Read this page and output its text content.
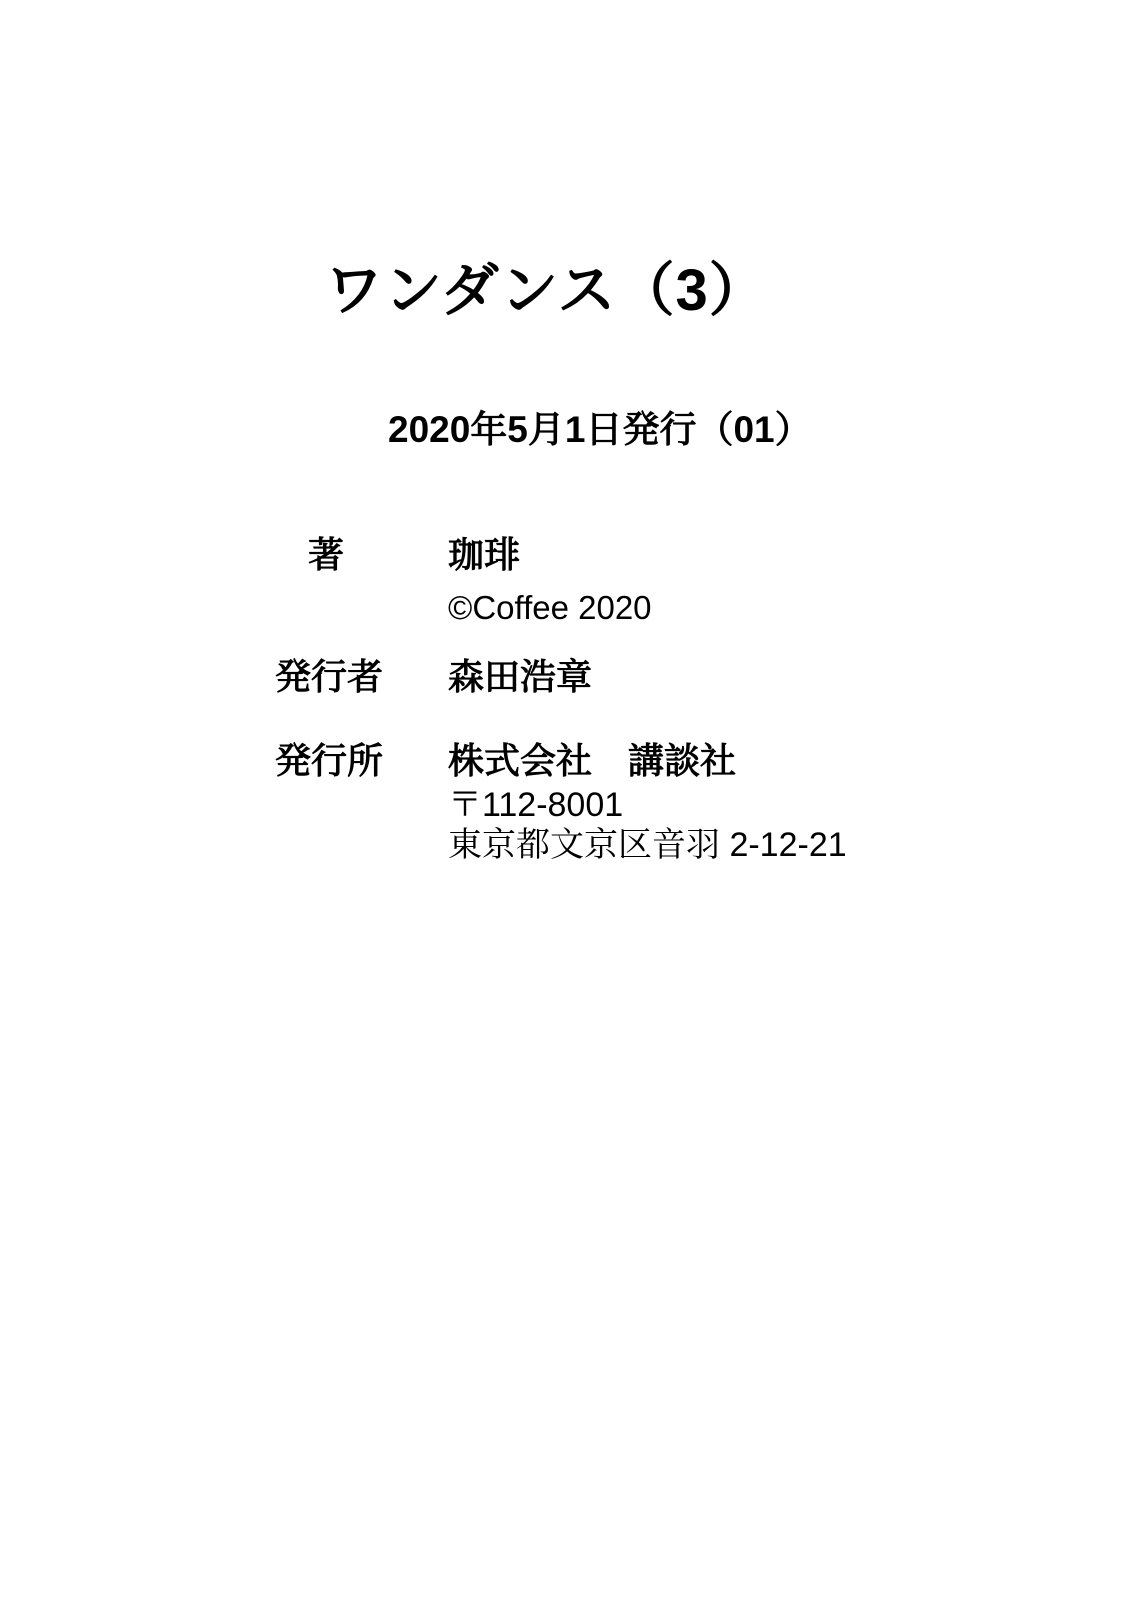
ワンダンス（3）
2020年5月1日発行（01）
著	珈琲
©Coffee 2020
発行者 森田浩章
発行所 株式会社　講談社
〒112-8001
東京都文京区音羽 2-12-21
